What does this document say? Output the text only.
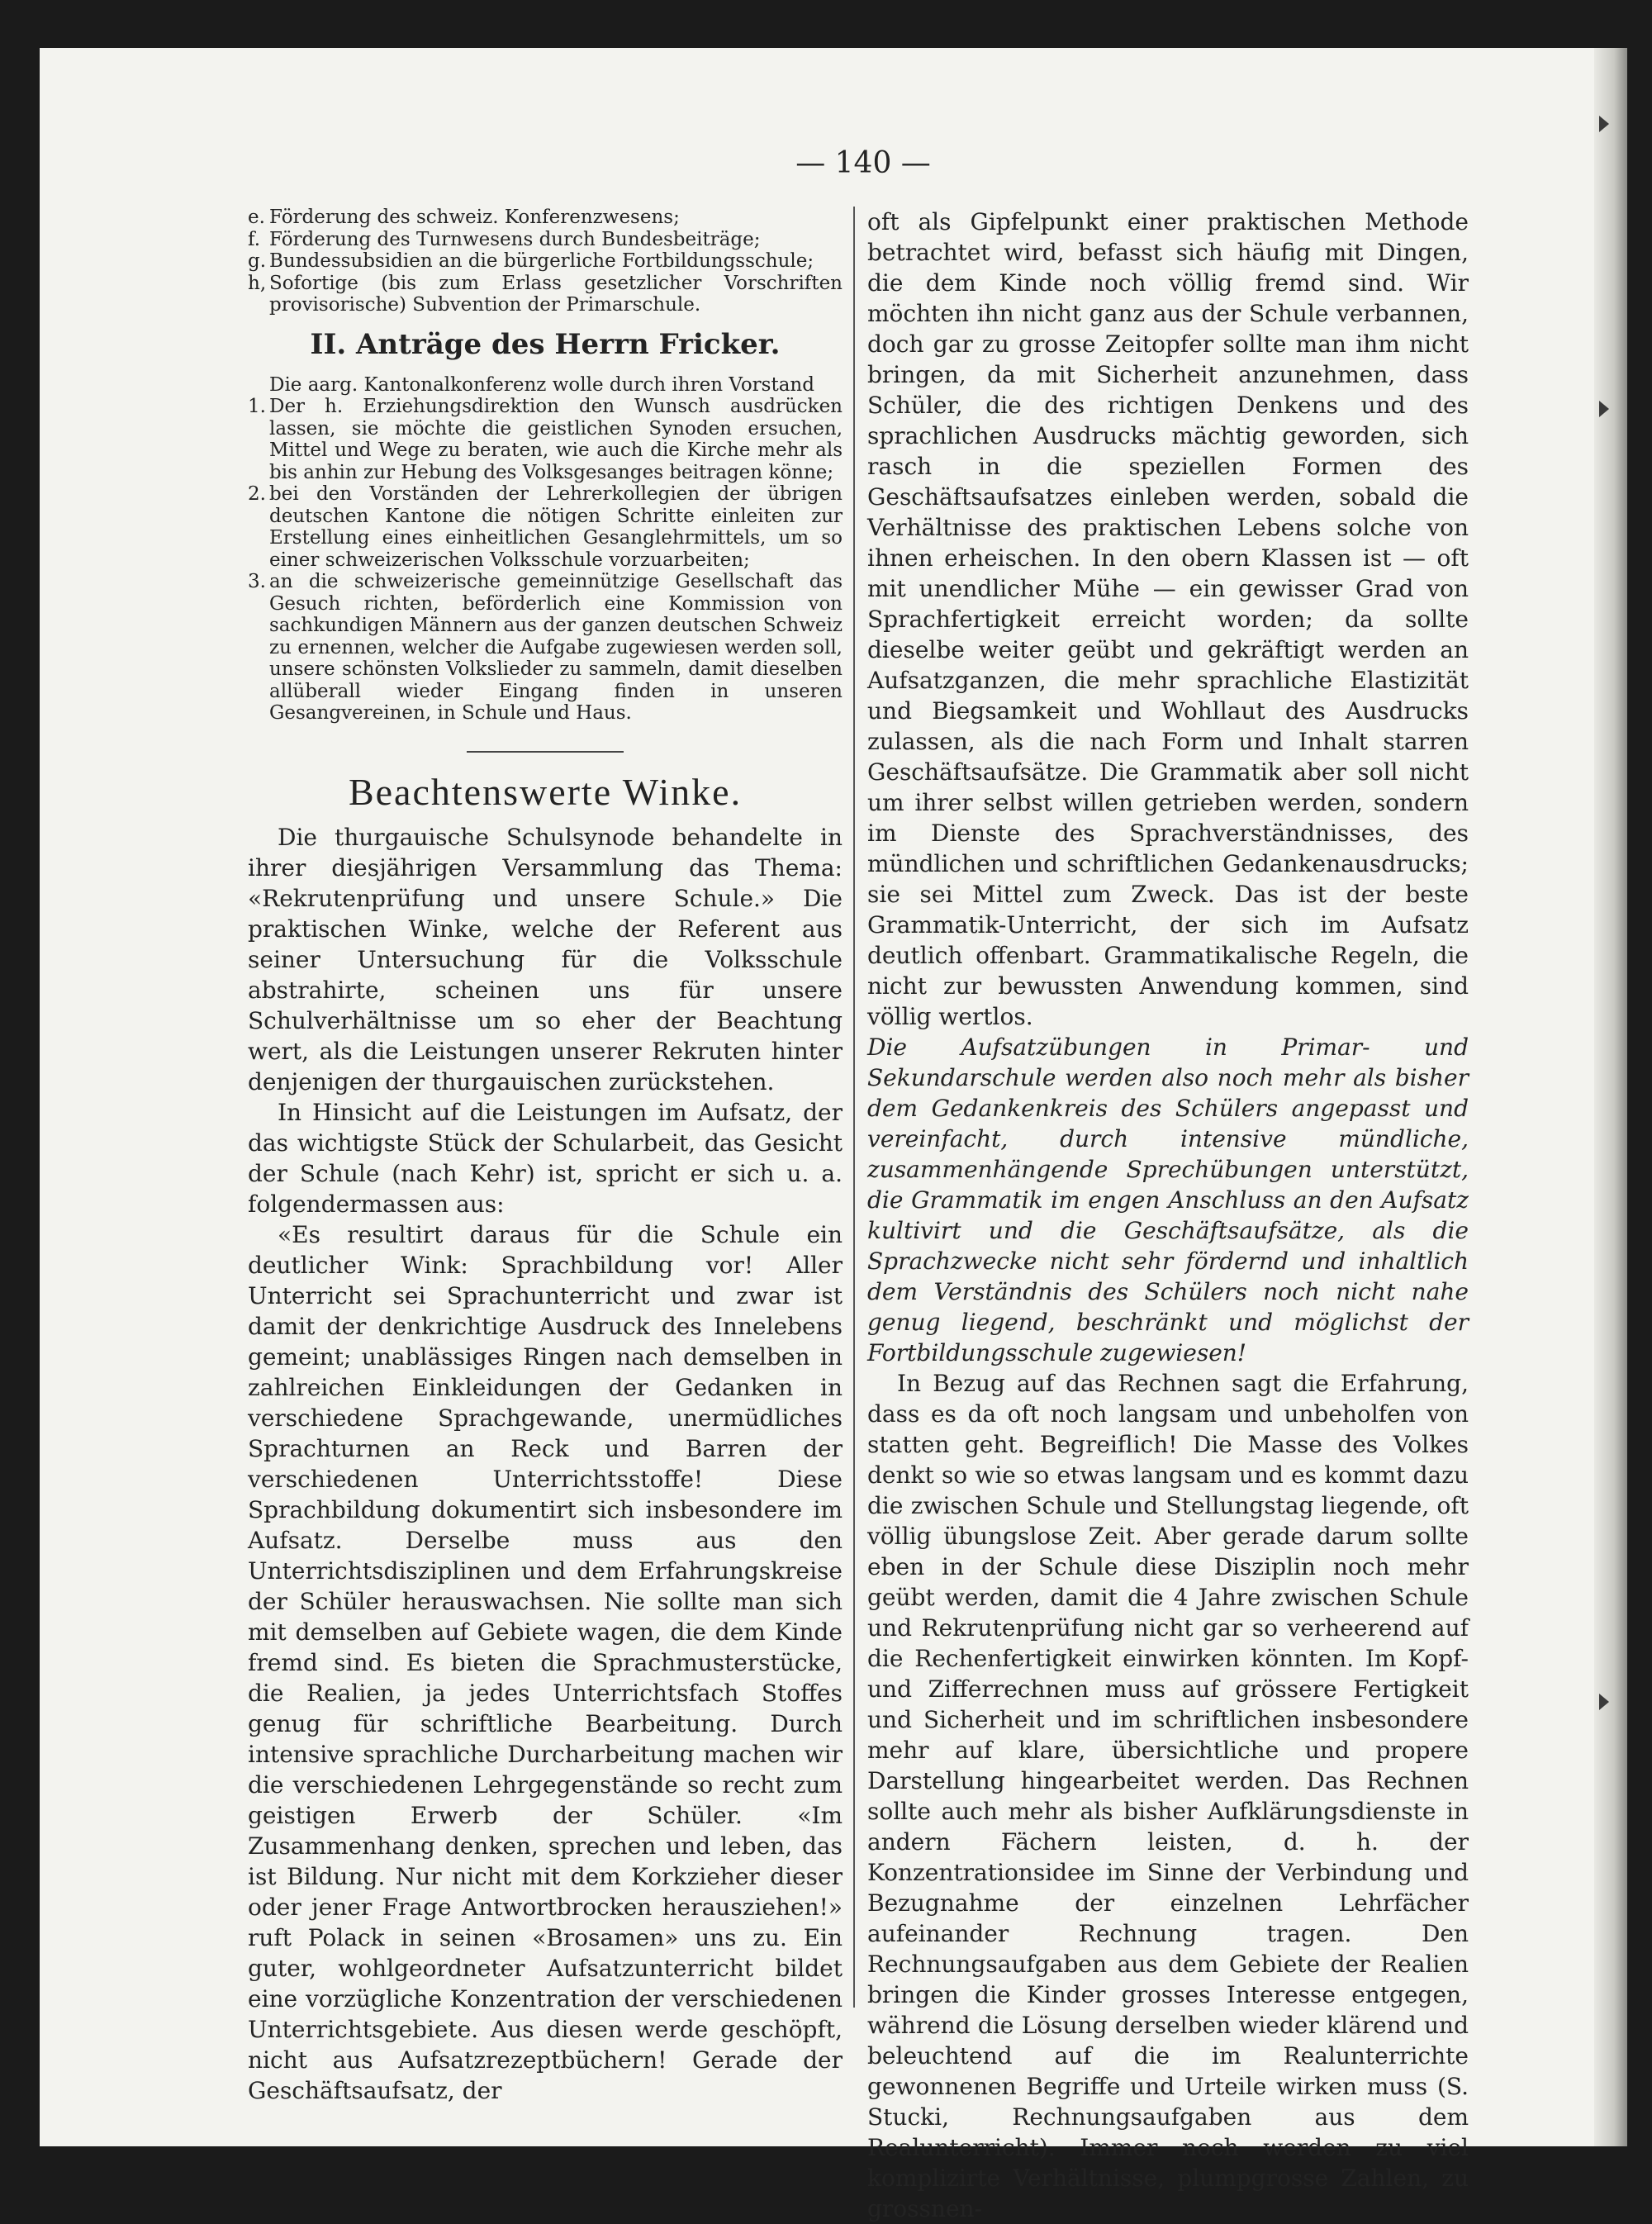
— 140 —
e. Förderung des schweiz. Konferenzwesens;
f. Förderung des Turnwesens durch Bundesbeiträge;
g. Bundessubsidien an die bürgerliche Fortbildungsschule;
h, Sofortige (bis zum Erlass gesetzlicher Vorschriften provisorische) Subvention der Primarschule.
II. Anträge des Herrn Fricker.
Die aarg. Kantonalkonferenz wolle durch ihren Vorstand
1. Der h. Erziehungsdirektion den Wunsch ausdrücken lassen, sie möchte die geistlichen Synoden ersuchen, Mittel und Wege zu beraten, wie auch die Kirche mehr als bis anhin zur Hebung des Volksgesanges beitragen könne;
2. bei den Vorständen der Lehrerkollegien der übrigen deutschen Kantone die nötigen Schritte einleiten zur Erstellung eines einheitlichen Gesanglehrmittels, um so einer schweizerischen Volksschule vorzuarbeiten;
3. an die schweizerische gemeinnützige Gesellschaft das Gesuch richten, beförderlich eine Kommission von sachkundigen Männern aus der ganzen deutschen Schweiz zu ernennen, welcher die Aufgabe zugewiesen werden soll, unsere schönsten Volkslieder zu sammeln, damit dieselben allüberall wieder Eingang finden in unseren Gesangvereinen, in Schule und Haus.
Beachtenswerte Winke.

Die thurgauische Schulsynode behandelte in ihrer diesjährigen Versammlung das Thema: «Rekrutenprüfung und unsere Schule.» Die praktischen Winke, welche der Referent aus seiner Untersuchung für die Volksschule abstrahirte, scheinen uns für unsere Schulverhältnisse um so eher der Beachtung wert, als die Leistungen unserer Rekruten hinter denjenigen der thurgauischen zurückstehen.

In Hinsicht auf die Leistungen im Aufsatz, der das wichtigste Stück der Schularbeit, das Gesicht der Schule (nach Kehr) ist, spricht er sich u. a. folgendermassen aus:

«Es resultirt daraus für die Schule ein deutlicher Wink: Sprachbildung vor! Aller Unterricht sei Sprachunterricht und zwar ist damit der denkrichtige Ausdruck des Innelebens gemeint; unablässiges Ringen nach demselben in zahlreichen Einkleidungen der Gedanken in verschiedene Sprachgewande, unermüdliches Sprachturnen an Reck und Barren der verschiedenen Unterrichtsstoffe! Diese Sprachbildung dokumentirt sich insbesondere im Aufsatz. Derselbe muss aus den Unterrichtsdisziplinen und dem Erfahrungskreise der Schüler herauswachsen. Nie sollte man sich mit demselben auf Gebiete wagen, die dem Kinde fremd sind. Es bieten die Sprachmusterstücke, die Realien, ja jedes Unterrichtsfach Stoffes genug für schriftliche Bearbeitung. Durch intensive sprachliche Durcharbeitung machen wir die verschiedenen Lehrgegenstände so recht zum geistigen Erwerb der Schüler. «Im Zusammenhang denken, sprechen und leben, das ist Bildung. Nur nicht mit dem Korkzieher dieser oder jener Frage Antwortbrocken herausziehen!» ruft Polack in seinen «Brosamen» uns zu. Ein guter, wohlgeordneter Aufsatzunterricht bildet eine vorzügliche Konzentration der verschiedenen Unterrichtsgebiete. Aus diesen werde geschöpft, nicht aus Aufsatzrezeptbüchern! Gerade der Geschäftsaufsatz, der

oft als Gipfelpunkt einer praktischen Methode betrachtet wird, befasst sich häufig mit Dingen, die dem Kinde noch völlig fremd sind. Wir möchten ihn nicht ganz aus der Schule verbannen, doch gar zu grosse Zeitopfer sollte man ihm nicht bringen, da mit Sicherheit anzunehmen, dass Schüler, die des richtigen Denkens und des sprachlichen Ausdrucks mächtig geworden, sich rasch in die speziellen Formen des Geschäftsaufsatzes einleben werden, sobald die Verhältnisse des praktischen Lebens solche von ihnen erheischen. In den obern Klassen ist — oft mit unendlicher Mühe — ein gewisser Grad von Sprachfertigkeit erreicht worden; da sollte dieselbe weiter geübt und gekräftigt werden an Aufsatzganzen, die mehr sprachliche Elastizität und Biegsamkeit und Wohllaut des Ausdrucks zulassen, als die nach Form und Inhalt starren Geschäftsaufsätze. Die Grammatik aber soll nicht um ihrer selbst willen getrieben werden, sondern im Dienste des Sprachverständnisses, des mündlichen und schriftlichen Gedankenausdrucks; sie sei Mittel zum Zweck. Das ist der beste Grammatik-Unterricht, der sich im Aufsatz deutlich offenbart. Grammatikalische Regeln, die nicht zur bewussten Anwendung kommen, sind völlig wertlos.

Die Aufsatzübungen in Primar- und Sekundarschule werden also noch mehr als bisher dem Gedankenkreis des Schülers angepasst und vereinfacht, durch intensive mündliche, zusammenhängende Sprechübungen unterstützt, die Grammatik im engen Anschluss an den Aufsatz kultivirt und die Geschäftsaufsätze, als die Sprachzwecke nicht sehr fördernd und inhaltlich dem Verständnis des Schülers noch nicht nahe genug liegend, beschränkt und möglichst der Fortbildungsschule zugewiesen!

In Bezug auf das Rechnen sagt die Erfahrung, dass es da oft noch langsam und unbeholfen von statten geht. Begreiflich! Die Masse des Volkes denkt so wie so etwas langsam und es kommt dazu die zwischen Schule und Stellungstag liegende, oft völlig übungslose Zeit. Aber gerade darum sollte eben in der Schule diese Disziplin noch mehr geübt werden, damit die 4 Jahre zwischen Schule und Rekrutenprüfung nicht gar so verheerend auf die Rechenfertigkeit einwirken könnten. Im Kopf- und Zifferrechnen muss auf grössere Fertigkeit und Sicherheit und im schriftlichen insbesondere mehr auf klare, übersichtliche und propere Darstellung hingearbeitet werden. Das Rechnen sollte auch mehr als bisher Aufklärungsdienste in andern Fächern leisten, d. h. der Konzentrationsidee im Sinne der Verbindung und Bezugnahme der einzelnen Lehrfächer aufeinander Rechnung tragen. Den Rechnungsaufgaben aus dem Gebiete der Realien bringen die Kinder grosses Interesse entgegen, während die Lösung derselben wieder klärend und beleuchtend auf die im Realunterrichte gewonnenen Begriffe und Urteile wirken muss (S. Stucki, Rechnungsaufgaben aus dem Realunterricht). Immer noch werden zu viel komplizirte Verhältnisse, plumpgrosse Zahlen, zu grossnen-
